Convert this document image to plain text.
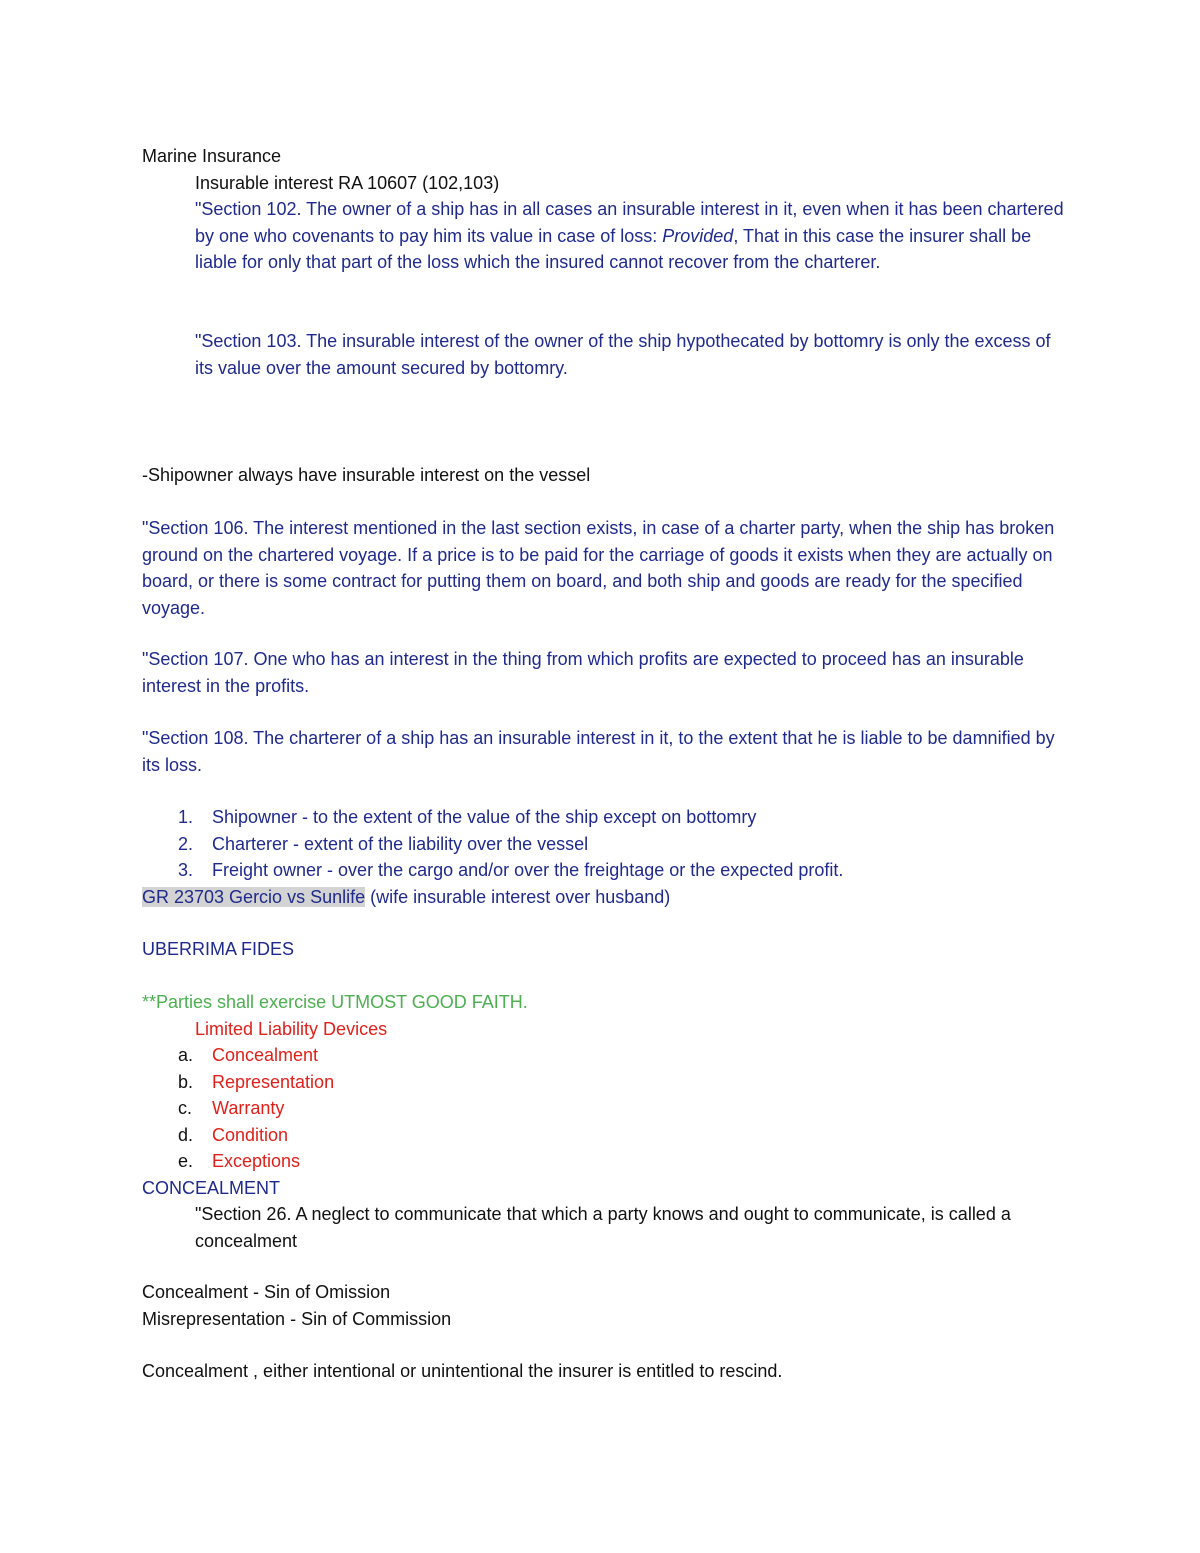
Marine Insurance

Insurable interest RA 10607 (102,103)

"Section 102. The owner of a ship has in all cases an insurable interest in it, even when it has been chartered by one who covenants to pay him its value in case of loss: Provided, That in this case the insurer shall be liable for only that part of the loss which the insured cannot recover from the charterer.

"Section 103. The insurable interest of the owner of the ship hypothecated by bottomry is only the excess of its value over the amount secured by bottomry.

-Shipowner always have insurable interest on the vessel

"Section 106. The interest mentioned in the last section exists, in case of a charter party, when the ship has broken ground on the chartered voyage. If a price is to be paid for the carriage of goods it exists when they are actually on board, or there is some contract for putting them on board, and both ship and goods are ready for the specified voyage.

"Section 107. One who has an interest in the thing from which profits are expected to proceed has an insurable interest in the profits.

"Section 108. The charterer of a ship has an insurable interest in it, to the extent that he is liable to be damnified by its loss.

1. Shipowner - to the extent of the value of the ship except on bottomry
2. Charterer - extent of the liability over the vessel
3. Freight owner - over the cargo and/or over the freightage or the expected profit.

GR 23703 Gercio vs Sunlife (wife insurable interest over husband)

UBERRIMA FIDES

**Parties shall exercise UTMOST GOOD FAITH.

Limited Liability Devices

a. Concealment
b. Representation
c. Warranty
d. Condition
e. Exceptions

CONCEALMENT

"Section 26. A neglect to communicate that which a party knows and ought to communicate, is called a concealment

Concealment - Sin of Omission

Misrepresentation - Sin of Commission

Concealment , either intentional or unintentional the insurer is entitled to rescind.
